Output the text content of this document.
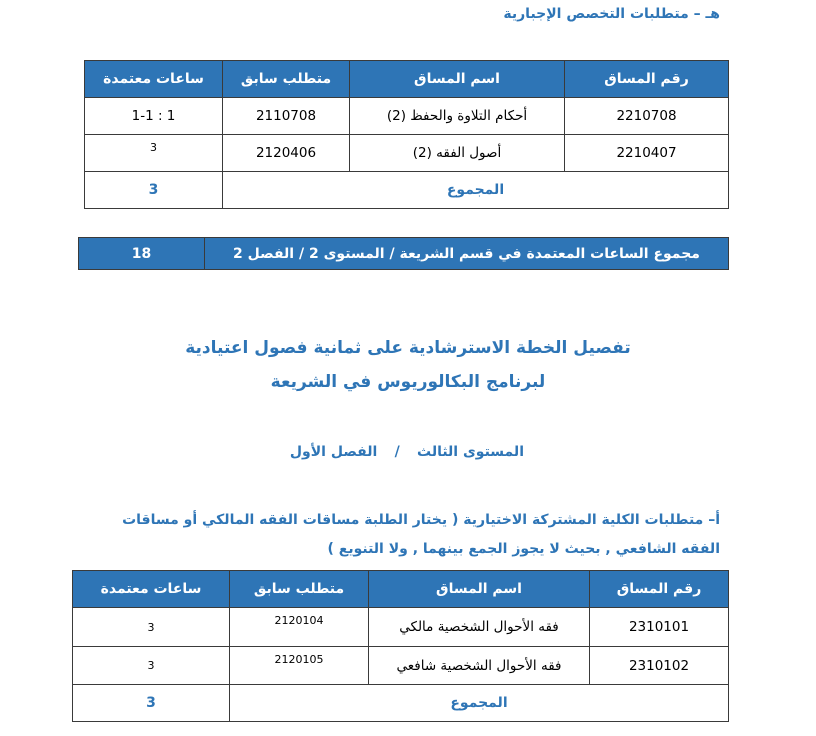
هـ – متطلبات التخصص الإجبارية
رقم المساق	اسم المساق	متطلب سابق	ساعات معتمدة
2210708	أحكام التلاوة والحفظ (2)	2110708	1-1 : 1
2210407	أصول الفقه (2)	2120406	3
المجموع			3
مجموع الساعات المعتمدة في قسم الشريعة / المستوى 2 / الفصل 2	18
تفصيل الخطة الاسترشادية على ثمانية فصول اعتيادية
لبرنامج البكالوريوس في الشريعة
المستوى الثالث / الفصل الأول
أ– متطلبات الكلية المشتركة الاختيارية ( يختار الطلبة مساقات الفقه المالكي أو مساقات
الفقه الشافعي , بحيث لا يجوز الجمع بينهما , ولا التنويع )
رقم المساق	اسم المساق	متطلب سابق	ساعات معتمدة
2310101	فقه الأحوال الشخصية مالكي	2120104	3
2310102	فقه الأحوال الشخصية شافعي	2120105	3
المجموع			3
